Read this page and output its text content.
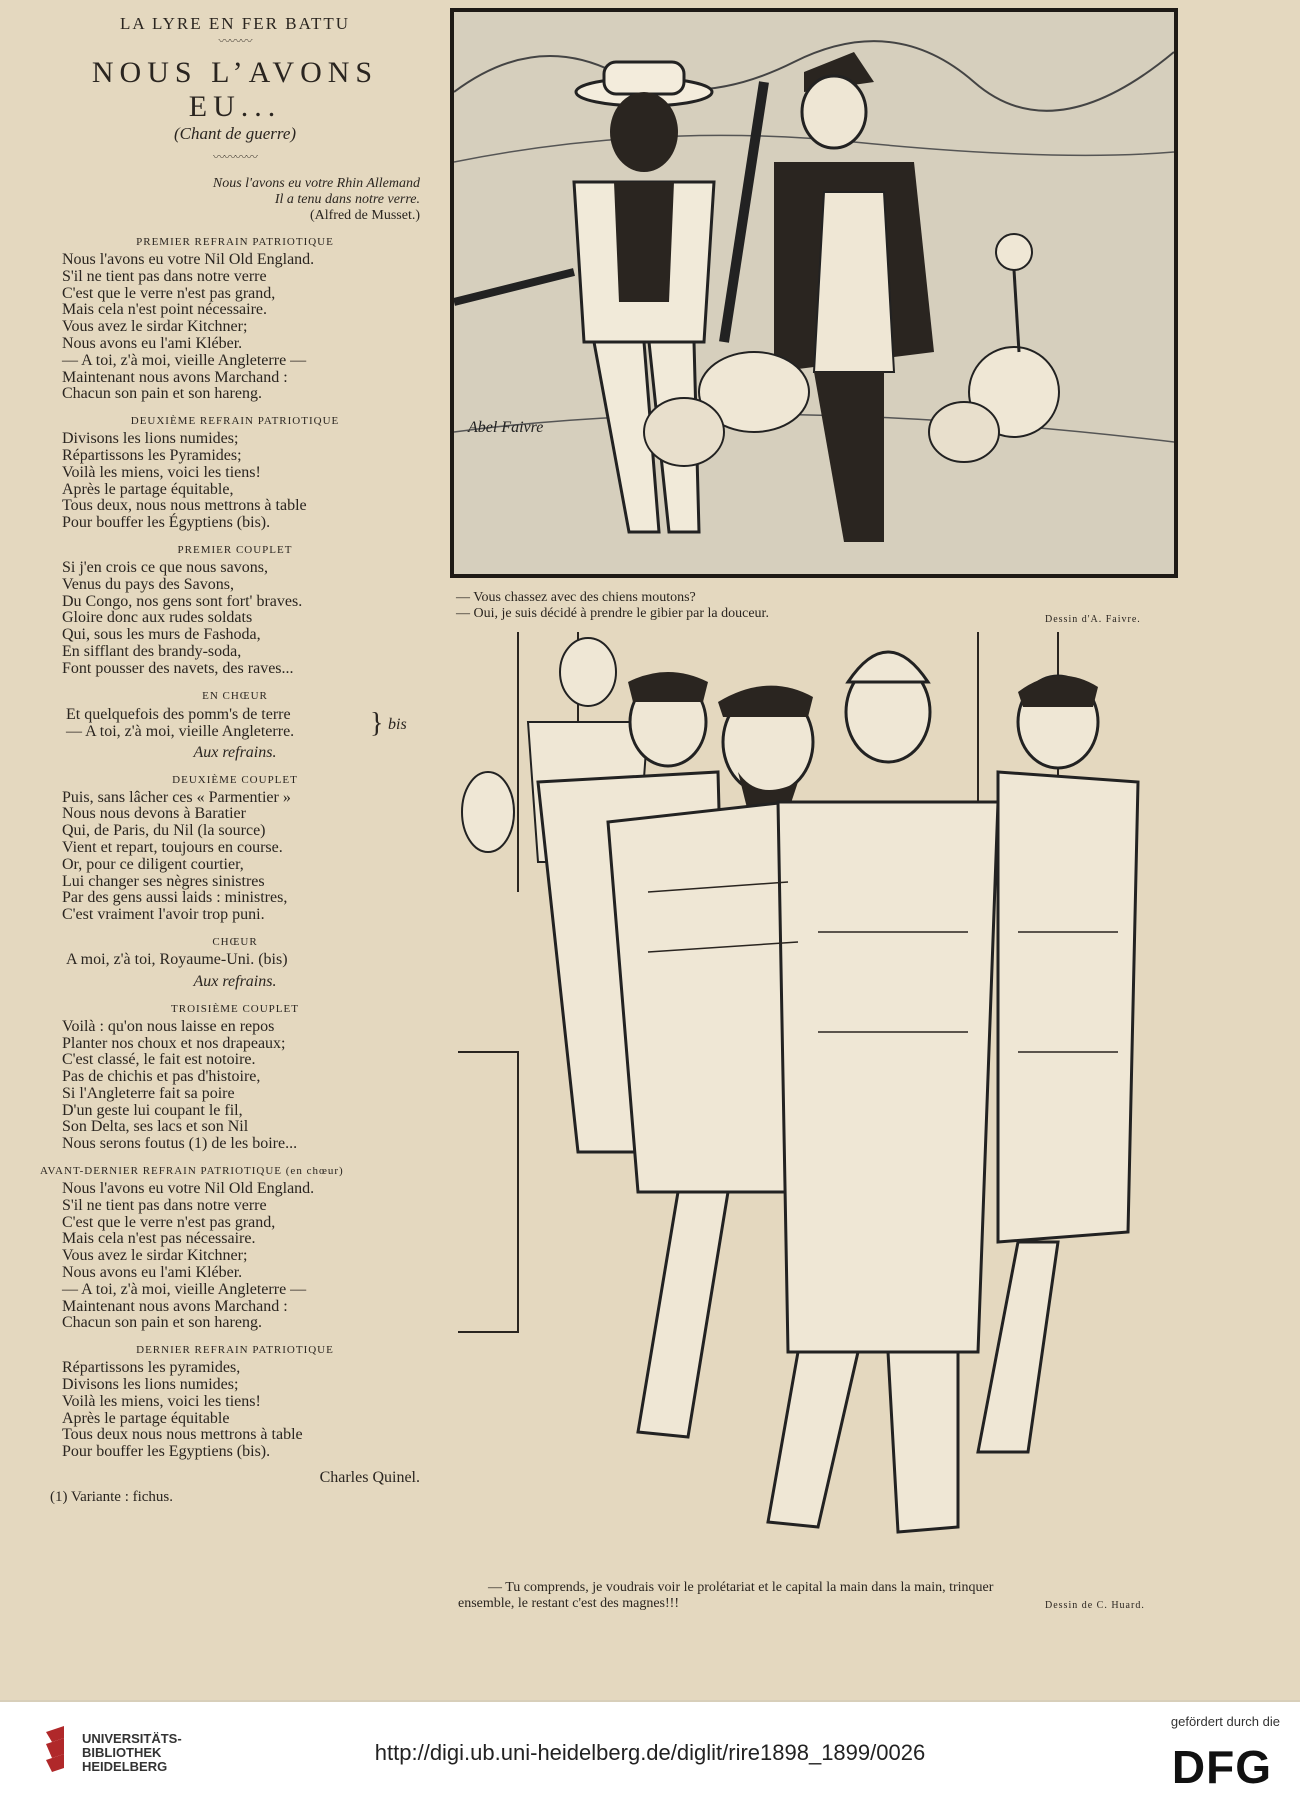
LA LYRE EN FER BATTU

〰〰〰
NOUS L’AVONS EU...

(Chant de guerre)

〰〰〰〰
Nous l'avons eu votre Rhin Allemand
Il a tenu dans notre verre.
(Alfred de Musset.)
PREMIER REFRAIN PATRIOTIQUE
Nous l'avons eu votre Nil Old England.
S'il ne tient pas dans notre verre
C'est que le verre n'est pas grand,
Mais cela n'est point nécessaire.
Vous avez le sirdar Kitchner;
Nous avons eu l'ami Kléber.
— A toi, z'à moi, vieille Angleterre —
Maintenant nous avons Marchand :
Chacun son pain et son hareng.
DEUXIÈME REFRAIN PATRIOTIQUE
Divisons les lions numides;
Répartissons les Pyramides;
Voilà les miens, voici les tiens!
Après le partage équitable,
Tous deux, nous nous mettrons à table
Pour bouffer les Égyptiens (bis).
PREMIER COUPLET
Si j'en crois ce que nous savons,
Venus du pays des Savons,
Du Congo, nos gens sont fort' braves.
Gloire donc aux rudes soldats
Qui, sous les murs de Fashoda,
En sifflant des brandy-soda,
Font pousser des navets, des raves...
EN CHŒUR
Et quelquefois des pomm's de terre
— A toi, z'à moi, vieille Angleterre.	} bis
Aux refrains.
DEUXIÈME COUPLET
Puis, sans lâcher ces « Parmentier »
Nous nous devons à Baratier
Qui, de Paris, du Nil (la source)
Vient et repart, toujours en course.
Or, pour ce diligent courtier,
Lui changer ses nègres sinistres
Par des gens aussi laids : ministres,
C'est vraiment l'avoir trop puni.
CHŒUR
A moi, z'à toi, Royaume-Uni. (bis)
Aux refrains.
TROISIÈME COUPLET
Voilà : qu'on nous laisse en repos
Planter nos choux et nos drapeaux;
C'est classé, le fait est notoire.
Pas de chichis et pas d'histoire,
Si l'Angleterre fait sa poire
D'un geste lui coupant le fil,
Son Delta, ses lacs et son Nil
Nous serons foutus (1) de les boire...
AVANT-DERNIER REFRAIN PATRIOTIQUE (en chœur)
Nous l'avons eu votre Nil Old England.
S'il ne tient pas dans notre verre
C'est que le verre n'est pas grand,
Mais cela n'est pas nécessaire.
Vous avez le sirdar Kitchner;
Nous avons eu l'ami Kléber.
— A toi, z'à moi, vieille Angleterre —
Maintenant nous avons Marchand :
Chacun son pain et son hareng.
DERNIER REFRAIN PATRIOTIQUE
Répartissons les pyramides,
Divisons les lions numides;
Voilà les miens, voici les tiens!
Après le partage équitable
Tous deux nous nous mettrons à table
Pour bouffer les Egyptiens (bis).
Charles Quinel.
(1) Variante : fichus.
Abel Faivre
— Vous chassez avec des chiens moutons?
— Oui, je suis décidé à prendre le gibier par la douceur.	Dessin d'A. Faivre.
— Tu comprends, je voudrais voir le prolétariat et le capital la main dans la main, trinquer
ensemble, le restant c'est des magnes!!!	Dessin de C. Huard.
UNIVERSITÄTS-
BIBLIOTHEK
HEIDELBERG
http://digi.ub.uni-heidelberg.de/diglit/rire1898_1899/0026
gefördert durch die
DFG
